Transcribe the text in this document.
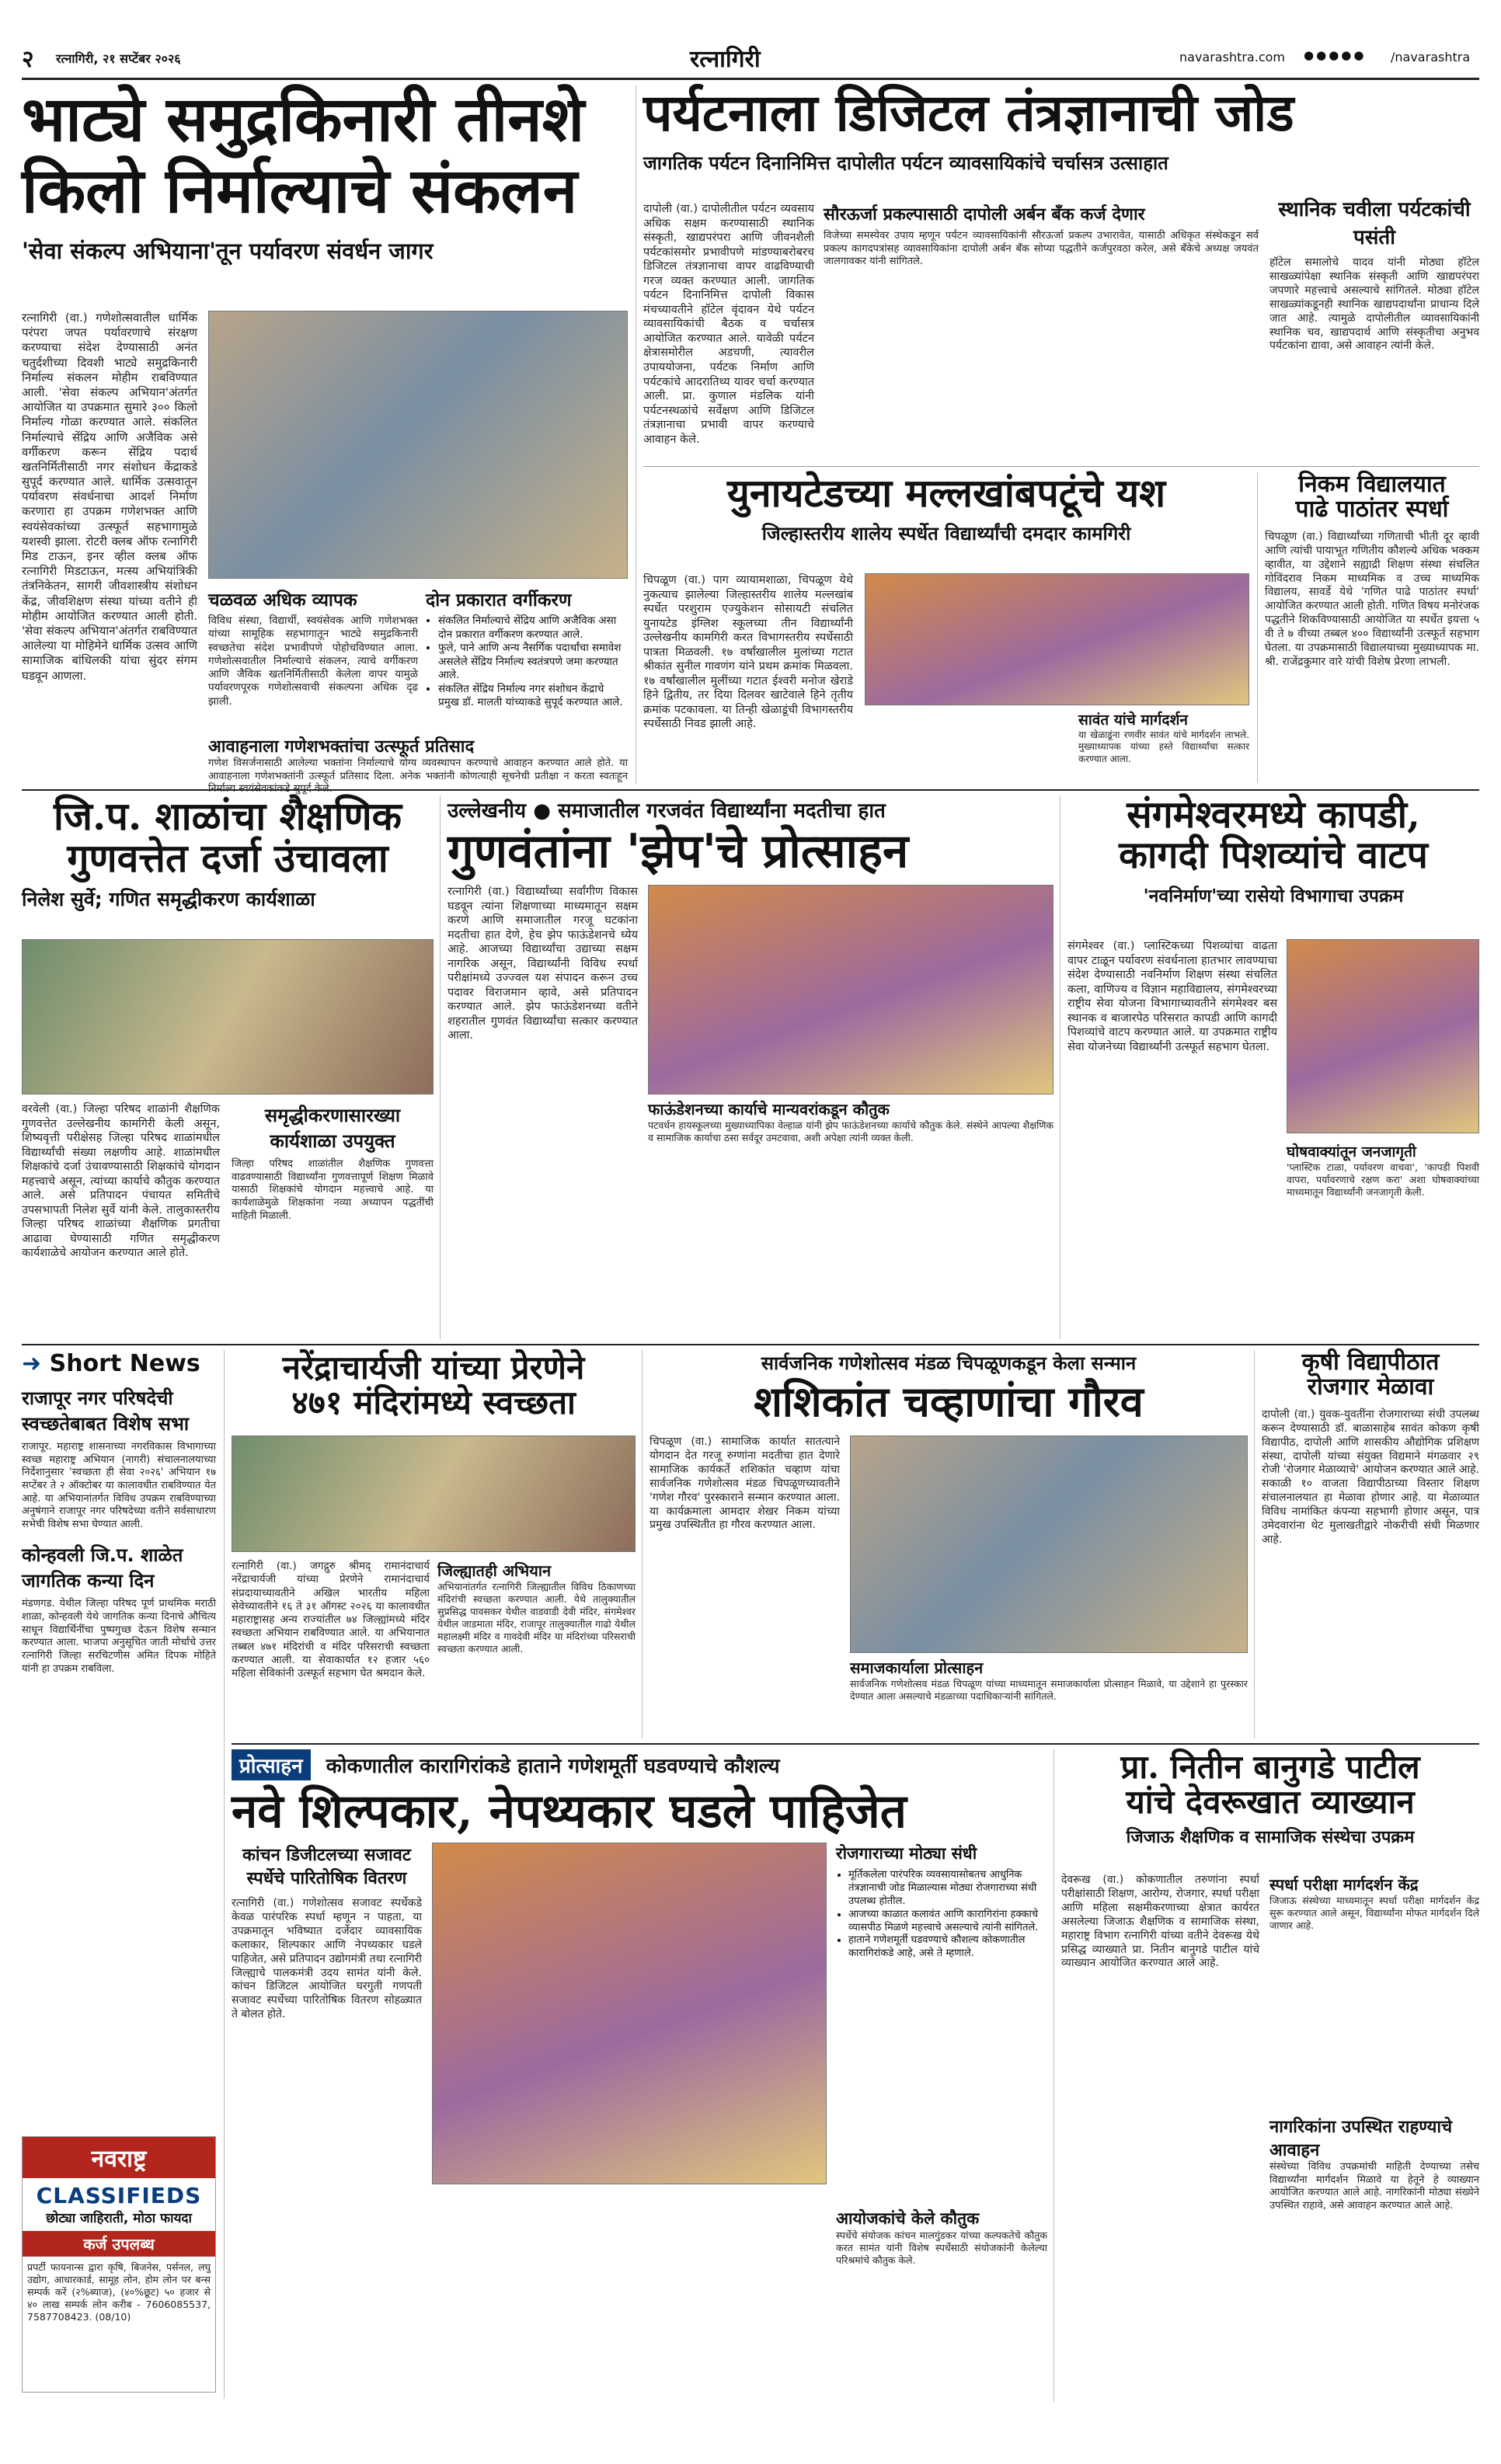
२ रत्नागिरी, २१ सप्टेंबर २०२६	रत्नागिरी	navarashtra.com ●●●●● /navarashtra
भाट्ये समुद्रकिनारी तीनशे
किलो निर्माल्याचे संकलन
'सेवा संकल्प अभियाना'तून पर्यावरण संवर्धन जागर
रत्नागिरी (वा.) गणेशोत्सवातील धार्मिक परंपरा जपत पर्यावरणाचे संरक्षण करण्याचा संदेश देण्यासाठी अनंत चतुर्दशीच्या दिवशी भाट्ये समुद्रकिनारी निर्माल्य संकलन मोहीम राबविण्यात आली. 'सेवा संकल्प अभियान'अंतर्गत आयोजित या उपक्रमात सुमारे ३०० किलो निर्माल्य गोळा करण्यात आले. संकलित निर्माल्याचे सेंद्रिय आणि अजैविक असे वर्गीकरण करून सेंद्रिय पदार्थ खतनिर्मितीसाठी नगर संशोधन केंद्राकडे सुपूर्द करण्यात आले. धार्मिक उत्सवातून पर्यावरण संवर्धनाचा आदर्श निर्माण करणारा हा उपक्रम गणेशभक्त आणि स्वयंसेवकांच्या उत्स्फूर्त सहभागामुळे यशस्वी झाला. रोटरी क्लब ऑफ रत्नागिरी मिड टाऊन, इनर व्हील क्लब ऑफ रत्नागिरी मिडटाऊन, मत्स्य अभियांत्रिकी तंत्रनिकेतन, सागरी जीवशास्त्रीय संशोधन केंद्र, जीवशिक्षण संस्था यांच्या वतीने ही मोहीम आयोजित करण्यात आली होती. 'सेवा संकल्प अभियान'अंतर्गत राबविण्यात आलेल्या या मोहिमेने धार्मिक उत्सव आणि सामाजिक बांधिलकी यांचा सुंदर संगम घडवून आणला.
चळवळ अधिक व्यापक
विविध संस्था, विद्यार्थी, स्वयंसेवक आणि गणेशभक्त यांच्या सामूहिक सहभागातून भाट्ये समुद्रकिनारी स्वच्छतेचा संदेश प्रभावीपणे पोहोचविण्यात आला. गणेशोत्सवातील निर्माल्याचे संकलन, त्याचे वर्गीकरण आणि जैविक खतनिर्मितीसाठी केलेला वापर यामुळे पर्यावरणपूरक गणेशोत्सवाची संकल्पना अधिक दृढ झाली.
दोन प्रकारात वर्गीकरण
• संकलित निर्माल्याचे सेंद्रिय आणि अजैविक असा दोन प्रकारात वर्गीकरण करण्यात आले.
• फुले, पाने आणि अन्य नैसर्गिक पदार्थांचा समावेश असलेले सेंद्रिय निर्माल्य स्वतंत्रपणे जमा करण्यात आले.
• संकलित सेंद्रिय निर्माल्य नगर संशोधन केंद्राचे प्रमुख डॉ. मालती यांच्याकडे सुपूर्द करण्यात आले.
आवाहनाला गणेशभक्तांचा उत्स्फूर्त प्रतिसाद
गणेश विसर्जनासाठी आलेल्या भक्तांना निर्माल्याचे योग्य व्यवस्थापन करण्याचे आवाहन करण्यात आले होते. या आवाहनाला गणेशभक्तांनी उत्स्फूर्त प्रतिसाद दिला. अनेक भक्तांनी कोणत्याही सूचनेची प्रतीक्षा न करता स्वतःहून
पर्यटनाला डिजिटल तंत्रज्ञानाची जोड
जागतिक पर्यटन दिनानिमित्त दापोलीत पर्यटन व्यावसायिकांचे चर्चासत्र उत्साहात
दापोली (वा.) दापोलीतील पर्यटन व्यवसाय अधिक सक्षम करण्यासाठी स्थानिक संस्कृती, खाद्यपरंपरा आणि जीवनशैली पर्यटकांसमोर प्रभावीपणे मांडण्याबरोबरच डिजिटल तंत्रज्ञानाचा वापर वाढविण्याची गरज व्यक्त करण्यात आली. जागतिक पर्यटन दिनानिमित्त दापोली विकास मंचच्यावतीने हॉटेल वृंदावन येथे पर्यटन व्यावसायिकांची बैठक व चर्चासत्र आयोजित करण्यात आले. यावेळी पर्यटन क्षेत्रासमोरील अडचणी, त्यावरील उपाययोजना, पर्यटक निर्माण आणि पर्यटकांचे आदरातिथ्य यावर चर्चा करण्यात आली. प्रा. कुणाल मंडलिक यांनी पर्यटनस्थळांचे सर्वेक्षण आणि डिजिटल तंत्रज्ञानाचा प्रभावी वापर करण्याचे आवाहन केले.
सौरऊर्जा प्रकल्पासाठी दापोली अर्बन बँक कर्ज देणार
विजेच्या समस्येवर उपाय म्हणून पर्यटन व्यावसायिकांनी सौरऊर्जा प्रकल्प उभारावेत, यासाठी अधिकृत संस्थेकडून सर्व प्रकल्प कागदपत्रांसह व्यावसायिकांना दापोली अर्बन बँक सोप्या पद्धतीने कर्जपुरवठा करेल, असे बँकेचे अध्यक्ष जयवंत जालगावकर यांनी सांगितले.
स्थानिक चवीला पर्यटकांची पसंती
हॉटेल समालोचे यादव यांनी मोठ्या हॉटेल साखळ्यांपेक्षा स्थानिक संस्कृती आणि खाद्यपरंपरा जपणारे महत्त्वाचे असल्याचे सांगितले. मोठ्या हॉटेल साखळ्यांकडूनही स्थानिक खाद्यपदार्थांना प्राधान्य दिले जात आहे. त्यामुळे दापोलीतील व्यावसायिकांनी स्थानिक चव, खाद्यपदार्थ आणि संस्कृतीचा अनुभव पर्यटकांना द्यावा, असे आवाहन त्यांनी केले.
युनायटेडच्या मल्लखांबपटूंचे यश
जिल्हास्तरीय शालेय स्पर्धेत विद्यार्थ्यांची दमदार कामगिरी
चिपळूण (वा.) पाग व्यायामशाळा, चिपळूण येथे नुकत्याच झालेल्या जिल्हास्तरीय शालेय मल्लखांब स्पर्धेत परशुराम एज्युकेशन सोसायटी संचलित युनायटेड इंग्लिश स्कूलच्या तीन विद्यार्थ्यांनी उल्लेखनीय कामगिरी करत विभागस्तरीय स्पर्धेसाठी पात्रता मिळवली. १७ वर्षांखालील मुलांच्या गटात श्रीकांत सुनील गावणंग यांने प्रथम क्रमांक मिळवला. १७ वर्षांखालील मुलींच्या गटात ईश्वरी मनोज खेराडे हिने द्वितीय, तर दिया दिलवर खाटेवाले हिने तृतीय क्रमांक पटकावला. या तिन्ही खेळाडूंची विभागस्तरीय स्पर्धेसाठी निवड झाली आहे.	सावंत यांचे मार्गदर्शन
या खेळाडूंना रणवीर सावंत यांचे मार्गदर्शन लाभले. मुख्याध्यापक यांच्या हस्ते विद्यार्थ्यांचा सत्कार करण्यात आला.
निकम विद्यालयात
पाढे पाठांतर स्पर्धा
चिपळूण (वा.) विद्यार्थ्यांच्या गणिताची भीती दूर व्हावी आणि त्यांची पायाभूत गणितीय कौशल्ये अधिक भक्कम व्हावीत, या उद्देशाने सह्याद्री शिक्षण संस्था संचलित गोविंदराव निकम माध्यमिक व उच्च माध्यमिक विद्यालय, सावर्डे येथे 'गणित पाढे पाठांतर स्पर्धा' आयोजित करण्यात आली होती. गणित विषय मनोरंजक पद्धतीने शिकविण्यासाठी आयोजित या स्पर्धेत इयत्ता ५ वी ते ७ वीच्या तब्बल ४०० विद्यार्थ्यांनी उत्स्फूर्त सहभाग घेतला. या उपक्रमासाठी विद्यालयाच्या मुख्याध्यापक मा. श्री. राजेंद्रकुमार वारे यांची विशेष प्रेरणा लाभली.
जि.प. शाळांचा शैक्षणिक
गुणवत्तेत दर्जा उंचावला
निलेश सुर्वे; गणित समृद्धीकरण कार्यशाळा
वरवेली (वा.) जिल्हा परिषद शाळांनी शैक्षणिक गुणवत्तेत उल्लेखनीय कामगिरी केली असून, शिष्यवृत्ती परीक्षेसह जिल्हा परिषद शाळांमधील विद्यार्थ्यांची संख्या लक्षणीय आहे. शाळांमधील शिक्षकांचे दर्जा उंचावण्यासाठी शिक्षकांचे योगदान महत्त्वाचे असून, त्यांच्या कार्याचे कौतुक करण्यात आले. असे प्रतिपादन पंचायत समितीचे उपसभापती निलेश सुर्वे यांनी केले. तालुकास्तरीय जिल्हा परिषद शाळांच्या शैक्षणिक प्रगतीचा आढावा घेण्यासाठी गणित समृद्धीकरण कार्यशाळेचे आयोजन करण्यात आले होते.
समृद्धीकरणासारख्या
कार्यशाळा उपयुक्त
जिल्हा परिषद शाळांतील शैक्षणिक गुणवत्ता वाढवण्यासाठी विद्यार्थ्यांना गुणवत्तापूर्ण शिक्षण मिळावे यासाठी शिक्षकांचे योगदान महत्त्वाचे आहे. या कार्यशाळेमुळे शिक्षकांना नव्या अध्यापन पद्धतींची माहिती मिळाली.
उल्लेखनीय ● समाजातील गरजवंत विद्यार्थ्यांना मदतीचा हात
गुणवंतांना 'झेप'चे प्रोत्साहन
रत्नागिरी (वा.) विद्यार्थ्यांच्या सर्वांगीण विकास घडवून त्यांना शिक्षणाच्या माध्यमातून सक्षम करणे आणि समाजातील गरजू घटकांना मदतीचा हात देणे, हेच झेप फाऊंडेशनचे ध्येय आहे. आजच्या विद्यार्थ्यांचा उद्याच्या सक्षम नागरिक असून, विद्यार्थ्यांनी विविध स्पर्धा परीक्षांमध्ये उज्ज्वल यश संपादन करून उच्च पदावर विराजमान व्हावे, असे प्रतिपादन करण्यात आले. झेप फाऊंडेशनच्या वतीने शहरातील गुणवंत विद्यार्थ्यांचा सत्कार करण्यात आला.
फाऊंडेशनच्या कार्याचे मान्यवरांकडून कौतुक
पटवर्धन हायस्कूलच्या मुख्याध्यापिका वेल्हाळ यांनी झेप फाऊंडेशनच्या कार्याचे कौतुक केले. संस्थेने आपल्या शैक्षणिक व सामाजिक कार्याचा ठसा सर्वदूर उमटवावा, अशी अपेक्षा त्यांनी व्यक्त केली.
संगमेश्वरमध्ये कापडी,
कागदी पिशव्यांचे वाटप
'नवनिर्माण'च्या रासेयो विभागाचा उपक्रम
संगमेश्वर (वा.) प्लास्टिकच्या पिशव्यांचा वाढता वापर टाळून पर्यावरण संवर्धनाला हातभार लावण्याचा संदेश देण्यासाठी नवनिर्माण शिक्षण संस्था संचलित कला, वाणिज्य व विज्ञान महाविद्यालय, संगमेश्वरच्या राष्ट्रीय सेवा योजना विभागाच्यावतीने संगमेश्वर बस स्थानक व बाजारपेठ परिसरात कापडी आणि कागदी पिशव्यांचे वाटप करण्यात आले. या उपक्रमात राष्ट्रीय सेवा योजनेच्या विद्यार्थ्यांनी उत्स्फूर्त सहभाग घेतला.
घोषवाक्यांतून जनजागृती
'प्लास्टिक टाळा, पर्यावरण वाचवा', 'कापडी पिशवी वापरा, पर्यावरणाचे रक्षण करा' अशा घोषवाक्यांच्या माध्यमातून विद्यार्थ्यांनी जनजागृती केली.
➜ Short News
राजापूर नगर परिषदेची स्वच्छतेबाबत विशेष सभा
राजापूर. महाराष्ट्र शासनाच्या नगरविकास विभागाच्या स्वच्छ महाराष्ट्र अभियान (नागरी) संचालनालयाच्या निर्देशानुसार 'स्वच्छता ही सेवा २०२६' अभियान १७ सप्टेंबर ते २ ऑक्टोबर या कालावधीत राबविण्यात येत आहे. या अभियानांतर्गत विविध उपक्रम राबविण्याच्या अनुषंगाने राजापूर नगर परिषदेच्या वतीने सर्वसाधारण सभेची विशेष सभा घेण्यात आली.
कोन्हवली जि.प. शाळेत जागतिक कन्या दिन
मंडणगड. येथील जिल्हा परिषद पूर्ण प्राथमिक मराठी शाळा, कोन्हवली येथे जागतिक कन्या दिनाचे औचित्य साधून विद्यार्थिनींचा पुष्पगुच्छ देऊन विशेष सन्मान करण्यात आला. भाजपा अनुसूचित जाती मोर्चाचे उत्तर रत्नागिरी जिल्हा सरचिटणीस अमित दिपक मोहिते यांनी हा उपक्रम राबविला.
नवराष्ट्र
CLASSIFIEDS
छोट्या जाहिराती, मोठा फायदा
कर्ज उपलब्ध
प्रपर्टी फायनान्स द्वारा कृषि, बिजनेस, पर्सनल, लघु उद्योग, आधारकार्ड, सामूह लोन, होम लोन पर बन्स सम्पर्क करें (२%ब्याज), (४०%छूट) ५० हजार से ४० लाख सम्पर्क लोन करीब - 7606085537, 7587708423. (08/10)
नरेंद्राचार्यजी यांच्या प्रेरणेने
४७१ मंदिरांमध्ये स्वच्छता
रत्नागिरी (वा.) जगद्गुरु श्रीमद् रामानंदाचार्य नरेंद्राचार्यजी यांच्या प्रेरणेने रामानंदाचार्य संप्रदायाच्यावतीने अखिल भारतीय महिला सेवेच्यावतीने १६ ते ३१ ऑगस्ट २०२६ या कालावधीत महाराष्ट्रासह अन्य राज्यांतील ७४ जिल्ह्यांमध्ये मंदिर स्वच्छता अभियान राबविण्यात आले. या अभियानात तब्बल ४७१ मंदिरांची व मंदिर परिसराची स्वच्छता करण्यात आली. या सेवाकार्यात १२ हजार ५६० महिला सेविकांनी उत्स्फूर्त सहभाग घेत श्रमदान केले.
जिल्ह्यातही अभियान
अभियानांतर्गत रत्नागिरी जिल्ह्यातील विविध ठिकाणच्या मंदिरांची स्वच्छता करण्यात आली. येथे तालुक्यातील सुप्रसिद्ध पावसकर येथील वाडवाडी देवी मंदिर, संगमेश्वर येथील जाडमाता मंदिर, राजापूर तालुक्यातील गाढो येथील महालक्ष्मी मंदिर व गावदेवी मंदिर या मंदिरांच्या परिसराची स्वच्छता करण्यात आली.
सार्वजनिक गणेशोत्सव मंडळ चिपळूणकडून केला सन्मान
शशिकांत चव्हाणांचा गौरव
चिपळूण (वा.) सामाजिक कार्यात सातत्याने योगदान देत गरजू रुग्णांना मदतीचा हात देणारे सामाजिक कार्यकर्ते शशिकांत चव्हाण यांचा सार्वजनिक गणेशोत्सव मंडळ चिपळूणच्यावतीने 'गणेश गौरव' पुरस्काराने सन्मान करण्यात आला. या कार्यक्रमाला आमदार शेखर निकम यांच्या प्रमुख उपस्थितीत हा गौरव करण्यात आला.
समाजकार्याला प्रोत्साहन
सार्वजनिक गणेशोत्सव मंडळ चिपळूण यांच्या माध्यमातून समाजकार्याला प्रोत्साहन मिळावे, या उद्देशाने हा पुरस्कार देण्यात आला असल्याचे मंडळाच्या पदाधिकाऱ्यांनी सांगितले.
कृषी विद्यापीठात
रोजगार मेळावा
दापोली (वा.) युवक-युवतींना रोजगाराच्या संधी उपलब्ध करून देण्यासाठी डॉ. बाळासाहेब सावंत कोकण कृषी विद्यापीठ, दापोली आणि शासकीय औद्योगिक प्रशिक्षण संस्था, दापोली यांच्या संयुक्त विद्यमाने मंगळवार २९ रोजी 'रोजगार मेळाव्याचे' आयोजन करण्यात आले आहे. सकाळी १० वाजता विद्यापीठाच्या विस्तार शिक्षण संचालनालयात हा मेळावा होणार आहे. या मेळाव्यात विविध नामांकित कंपन्या सहभागी होणार असून, पात्र उमेदवारांना थेट मुलाखतीद्वारे नोकरीची संधी मिळणार आहे.
प्रोत्साहन कोकणातील कारागिरांकडे हाताने गणेशमूर्ती घडवण्याचे कौशल्य
नवे शिल्पकार, नेपथ्यकार घडले पाहिजेत
कांचन डिजीटलच्या सजावट स्पर्धेचे पारितोषिक वितरण
रत्नागिरी (वा.) गणेशोत्सव सजावट स्पर्धेकडे केवळ पारंपरिक स्पर्धा म्हणून न पाहता, या उपक्रमातून भविष्यात दर्जेदार व्यावसायिक कलाकार, शिल्पकार आणि नेपथ्यकार घडले पाहिजेत, असे प्रतिपादन उद्योगमंत्री तथा रत्नागिरी जिल्ह्याचे पालकमंत्री उदय सामंत यांनी केले. कांचन डिजिटल आयोजित घरगुती गणपती सजावट स्पर्धेच्या पारितोषिक वितरण सोहळ्यात ते बोलत होते.
रोजगाराच्या मोठ्या संधी
• मूर्तिकलेला पारंपरिक व्यवसायासोबतच आधुनिक तंत्रज्ञानाची जोड मिळाल्यास मोठ्या रोजगाराच्या संधी उपलब्ध होतील.
• आजच्या काळात कलावंत आणि कारागिरांना हक्काचे व्यासपीठ मिळणे महत्त्वाचे असल्याचे त्यांनी सांगितले.
• हाताने गणेशमूर्ती घडवण्याचे कौशल्य कोकणातील कारागिरांकडे आहे, असे ते म्हणाले.
आयोजकांचे केले कौतुक
स्पर्धेचे संयोजक कांचन मालगुंडकर यांच्या कल्पकतेचे कौतुक करत सामंत यांनी विशेष स्पर्धेसाठी संयोजकांनी केलेल्या परिश्रमांचे कौतुक केले.
प्रा. नितीन बानुगडे पाटील
यांचे देवरूखात व्याख्यान
जिजाऊ शैक्षणिक व सामाजिक संस्थेचा उपक्रम
देवरूख (वा.) कोकणातील तरुणांना स्पर्धा परीक्षांसाठी शिक्षण, आरोग्य, रोजगार, स्पर्धा परीक्षा आणि महिला सक्षमीकरणाच्या क्षेत्रात कार्यरत असलेल्या जिजाऊ शैक्षणिक व सामाजिक संस्था, महाराष्ट्र विभाग रत्नागिरी यांच्या वतीने देवरूख येथे प्रसिद्ध व्याख्याते प्रा. नितीन बानुगडे पाटील यांचे व्याख्यान आयोजित करण्यात आले आहे.
स्पर्धा परीक्षा मार्गदर्शन केंद्र
जिजाऊ संस्थेच्या माध्यमातून स्पर्धा परीक्षा मार्गदर्शन केंद्र सुरू करण्यात आले असून, विद्यार्थ्यांना मोफत मार्गदर्शन दिले जाणार आहे.
नागरिकांना उपस्थित राहण्याचे आवाहन
संस्थेच्या विविध उपक्रमांची माहिती देण्याच्या तसेच विद्यार्थ्यांना मार्गदर्शन मिळावे या हेतूने हे व्याख्यान आयोजित करण्यात आले आहे. नागरिकांनी मोठ्या संख्येने उपस्थित राहावे, असे आवाहन करण्यात आले आहे.
